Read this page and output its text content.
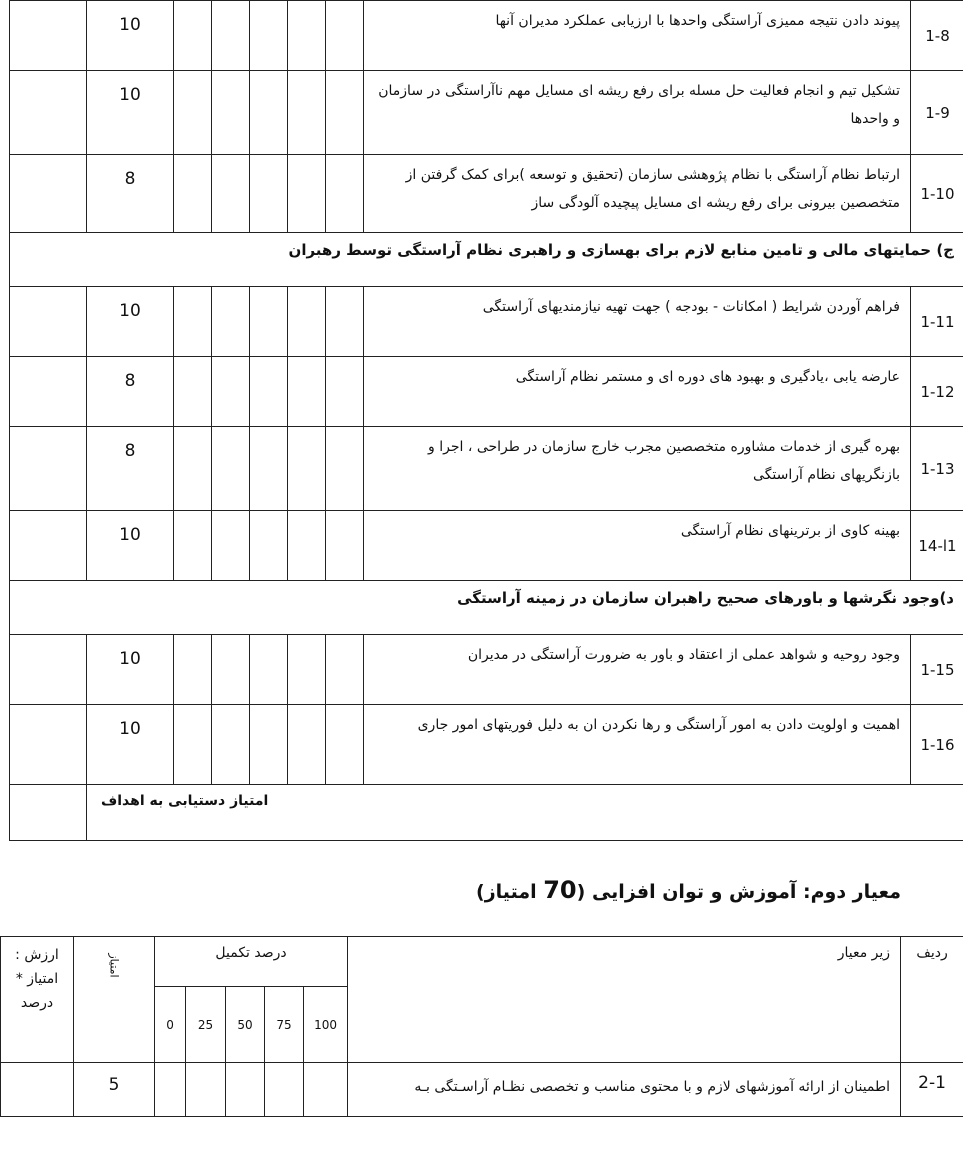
1-8	پیوند دادن نتیجه ممیزی آراستگی واحدها با ارزیابی عملکرد مدیران آنها						10	
1-9	تشکیل تیم و انجام فعالیت حل مسله برای رفع ریشه ای مسایل مهم ناآراستگی در سازمان و واحدها						10	
1-10	ارتباط نظام آراستگی با نظام پژوهشی سازمان (تحقیق و توسعه )برای کمک گرفتن از متخصصین بیرونی برای رفع ریشه ای مسایل پیچیده آلودگی ساز						8	
ج) حمایتهای مالی و تامین منابع لازم برای بهسازی و راهبری نظام آراستگی توسط رهبران								
1-11	فراهم آوردن شرایط ( امکانات - بودجه ) جهت تهیه نیازمندیهای آراستگی						10	
1-12	عارضه یابی ،یادگیری و بهبود های دوره ای و مستمر نظام آراستگی						8	
1-13	بهره گیری از خدمات مشاوره متخصصین مجرب خارج سازمان در طراحی ، اجرا و بازنگریهای نظام آراستگی						8	
14-l1	بهینه کاوی از برترینهای نظام آراستگی						10	
د)وجود نگرشها و باورهای صحیح راهبران سازمان در زمینه آراستگی								
1-15	وجود روحیه و شواهد عملی از اعتقاد و باور به ضرورت آراستگی در مدیران						10	
1-16	اهمیت و اولویت دادن به امور آراستگی و رها نکردن ان به دلیل فوریتهای امور جاری						10	
امتیاز دستیابی به اهداف								
معیار دوم: آموزش و توان افزایی (70 امتیاز)
ردیف	زیر معیار	درصد تکمیل					امتیاز	ارزش : امتیاز * درصد
		100	75	50	25	0		
2-1	اطمینان از ارائه آموزشهای لازم و با محتوی مناسب و تخصصی نظـام آراسـتگی بـه						5	
